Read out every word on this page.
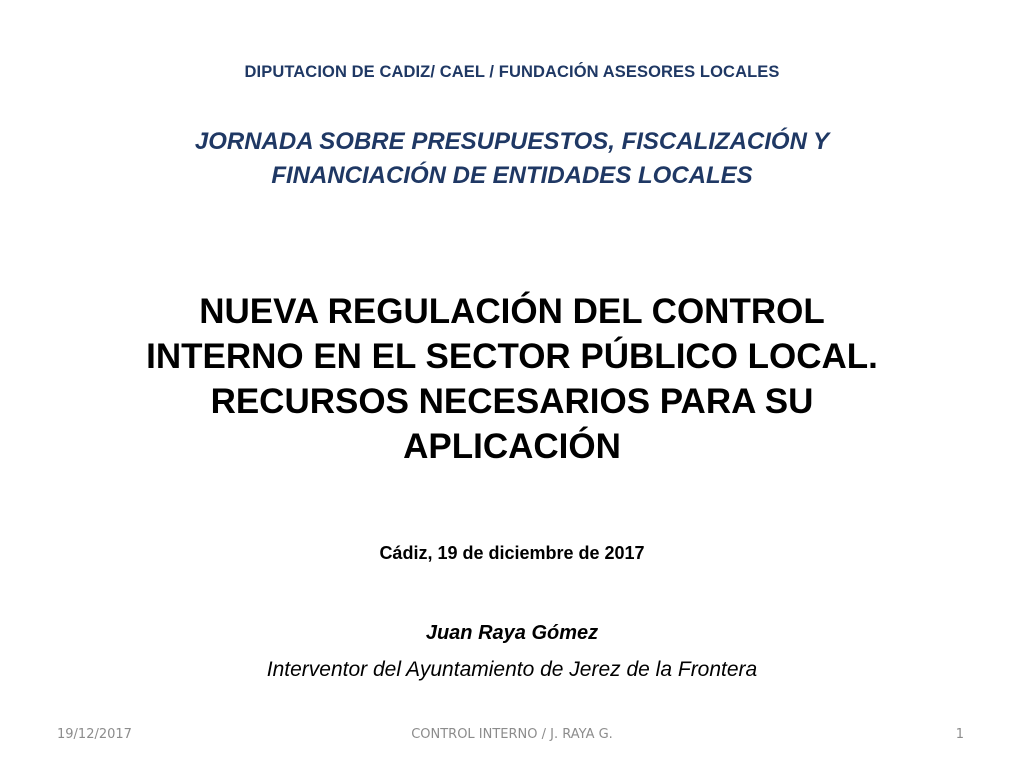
DIPUTACION DE CADIZ/ CAEL / FUNDACIÓN ASESORES LOCALES
JORNADA SOBRE PRESUPUESTOS, FISCALIZACIÓN Y
FINANCIACIÓN DE ENTIDADES LOCALES
NUEVA REGULACIÓN DEL CONTROL
INTERNO EN EL SECTOR PÚBLICO LOCAL.
RECURSOS NECESARIOS PARA SU
APLICACIÓN
Cádiz, 19 de diciembre de 2017
Juan Raya Gómez
Interventor del Ayuntamiento de Jerez de la Frontera
19/12/2017	CONTROL INTERNO / J. RAYA G.	1
